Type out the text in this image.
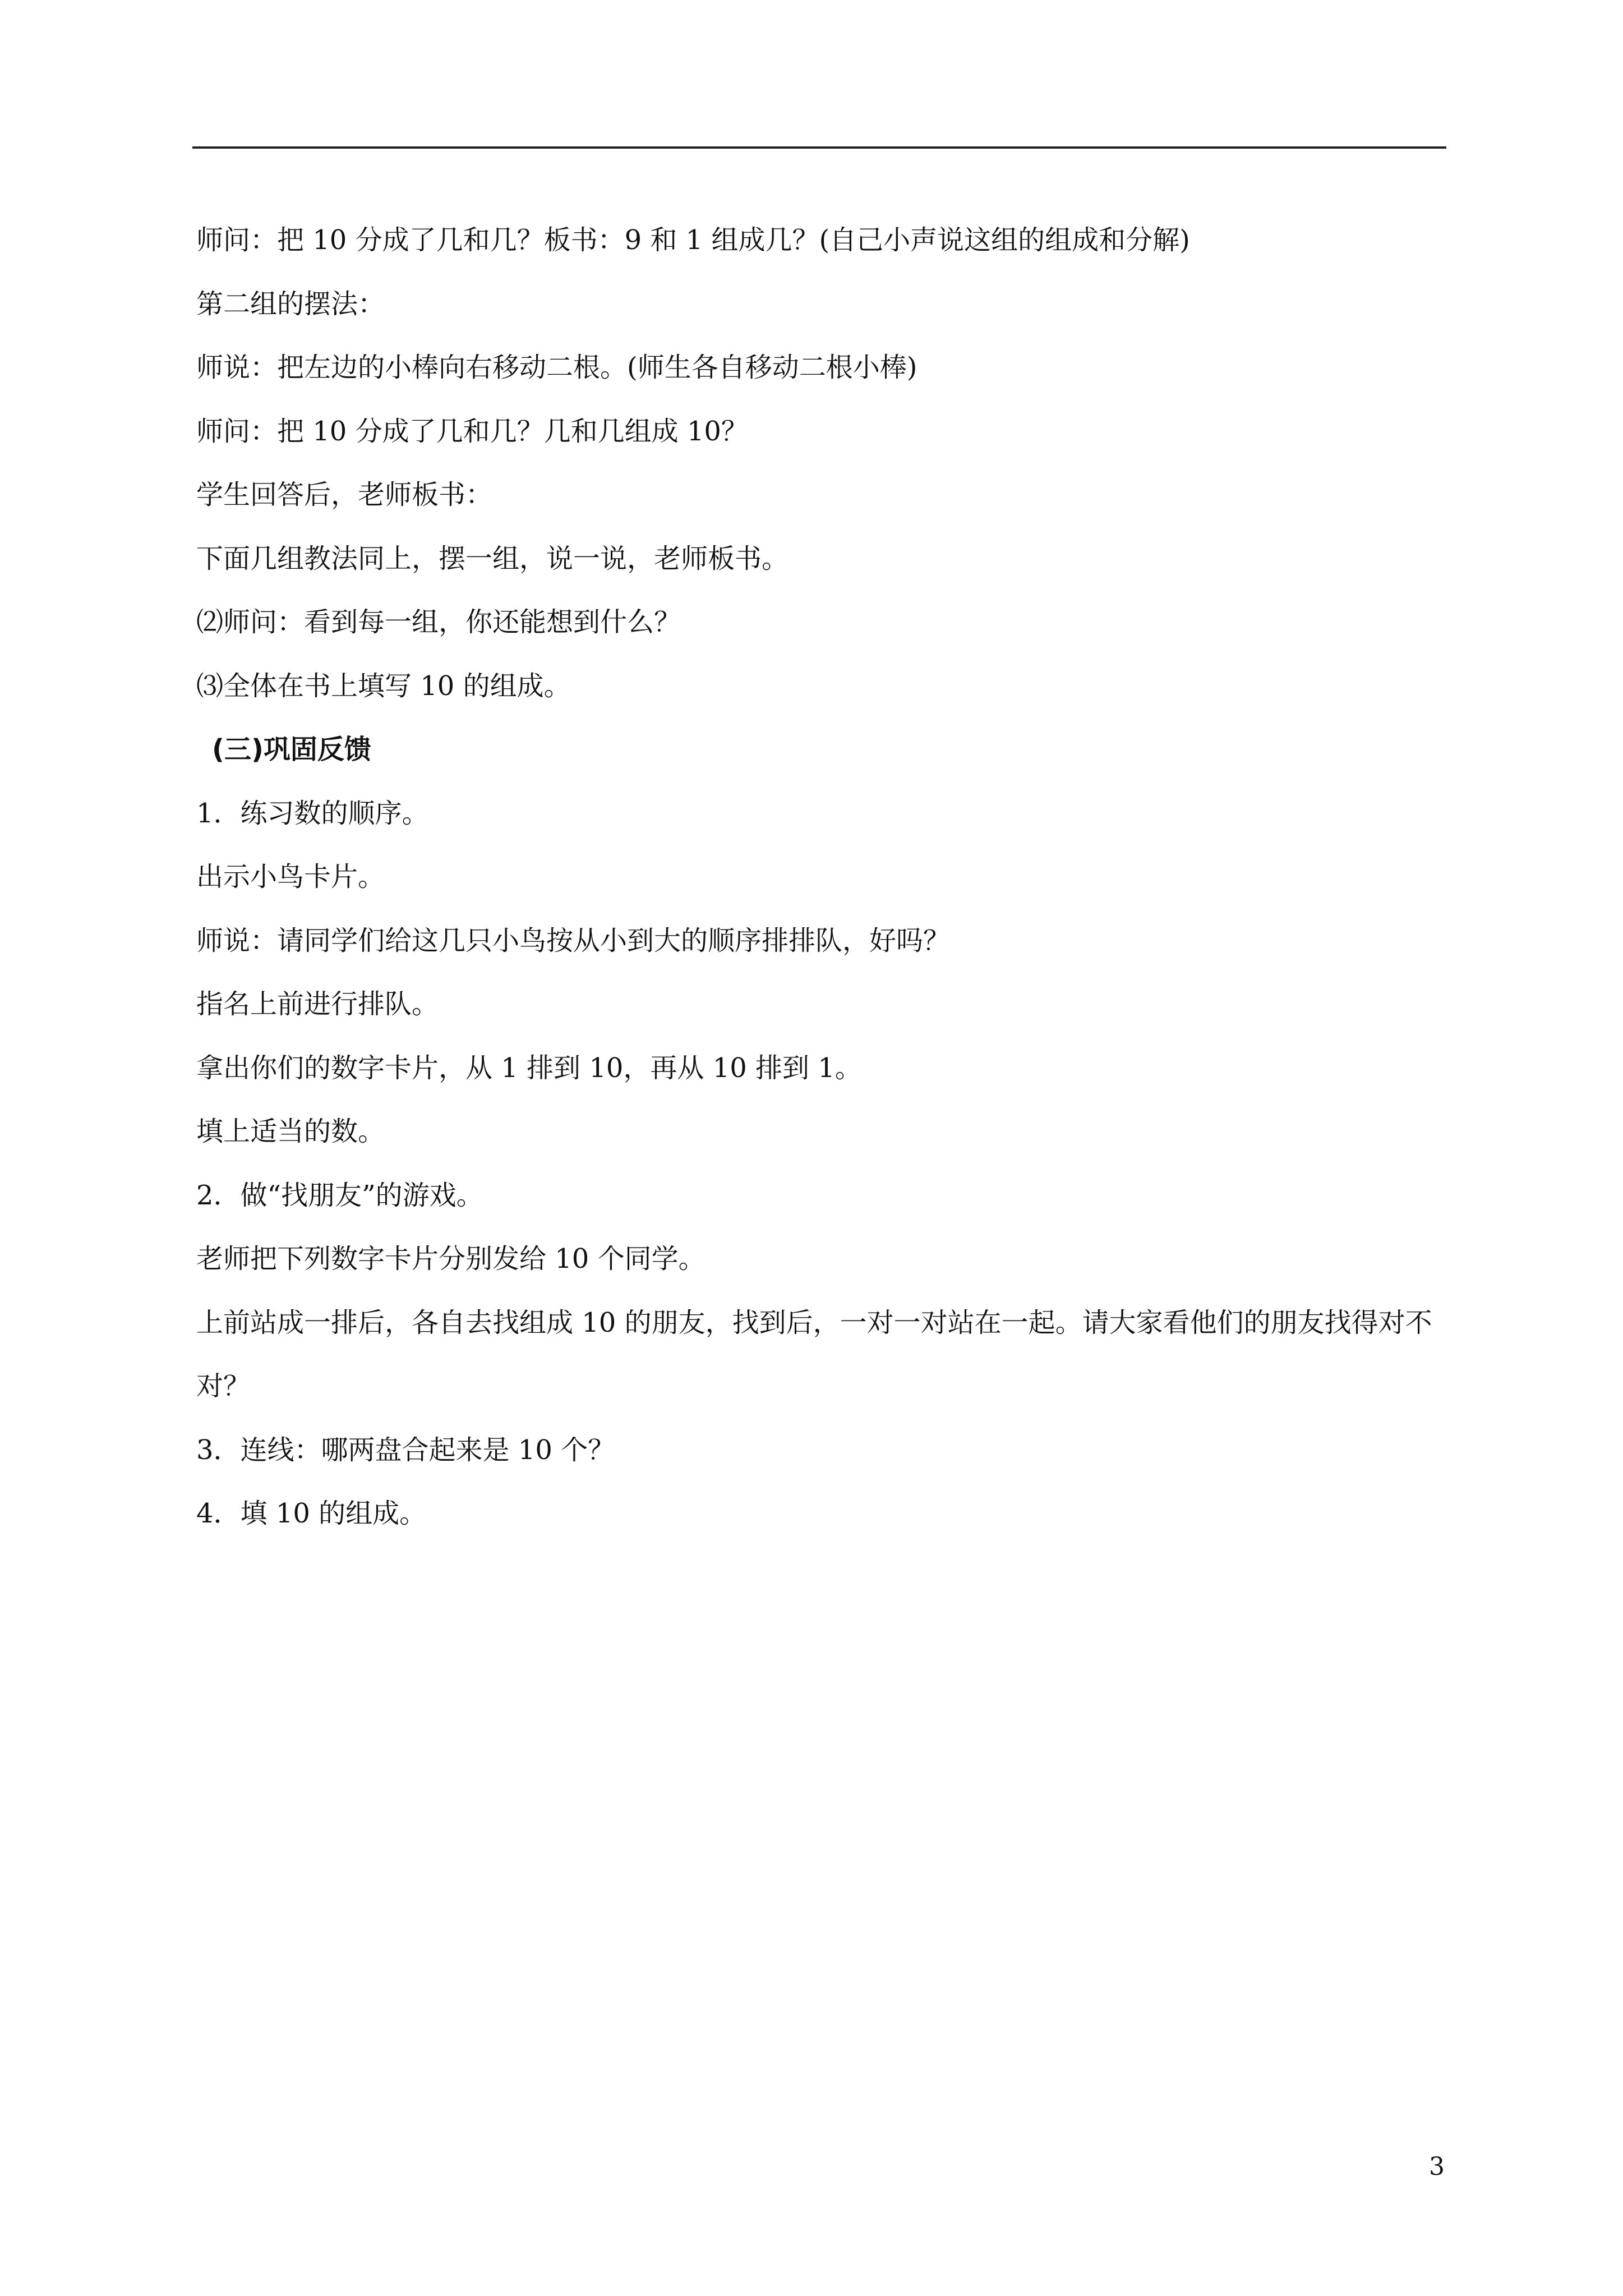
师问：把 10 分成了几和几？板书：9 和 1 组成几？(自己小声说这组的组成和分解)
第二组的摆法：
师说：把左边的小棒向右移动二根。(师生各自移动二根小棒)
师问：把 10 分成了几和几？几和几组成 10？
学生回答后，老师板书：
下面几组教法同上，摆一组，说一说，老师板书。
⑵师问：看到每一组，你还能想到什么？
⑶全体在书上填写 10 的组成。
(三)巩固反馈
1．练习数的顺序。
出示小鸟卡片。
师说：请同学们给这几只小鸟按从小到大的顺序排排队，好吗？
指名上前进行排队。
拿出你们的数字卡片，从 1 排到 10，再从 10 排到 1。
填上适当的数。
2．做“找朋友”的游戏。
老师把下列数字卡片分别发给 10 个同学。
上前站成一排后，各自去找组成 10 的朋友，找到后，一对一对站在一起。请大家看他们的朋友找得对不对？
3．连线：哪两盘合起来是 10 个？
4．填 10 的组成。
3
